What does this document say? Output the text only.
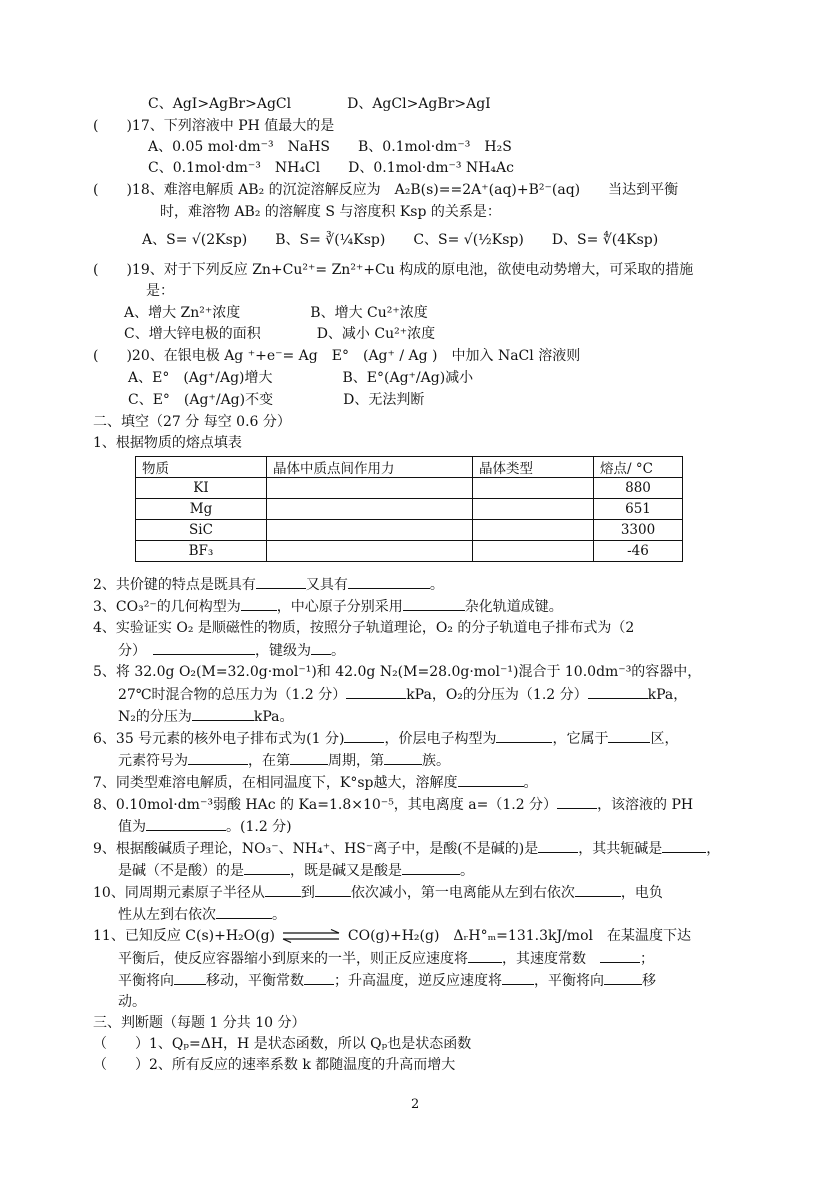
C、AgI>AgBr>AgCl　　　　D、AgCl>AgBr>AgI
(　　)17、下列溶液中 PH 值最大的是
A、0.05 mol·dm⁻³　NaHS　　B、0.1mol·dm⁻³　H₂S
C、0.1mol·dm⁻³　NH₄Cl　　D、0.1mol·dm⁻³ NH₄Ac
(　　)18、难溶电解质 AB₂ 的沉淀溶解反应为　A₂B(s)==2A⁺(aq)+B²⁻(aq)　　当达到平衡
时，难溶物 AB₂ 的溶解度 S 与溶度积 Ksp 的关系是：
A、S= √(2Ksp)　　B、S= ∛(¼Ksp)　　C、S= √(½Ksp)　　D、S= ∜(4Ksp)
(　　)19、对于下列反应 Zn+Cu²⁺= Zn²⁺+Cu 构成的原电池，欲使电动势增大，可采取的措施
是：
A、增大 Zn²⁺浓度　　　　　B、增大 Cu²⁺浓度
C、增大锌电极的面积　　　　D、减小 Cu²⁺浓度
(　　)20、在银电极 Ag ⁺+e⁻= Ag　E°　(Ag⁺ / Ag )　中加入 NaCl 溶液则
A、E°　(Ag⁺/Ag)增大　　　　　B、E°(Ag⁺/Ag)减小
C、E°　(Ag⁺/Ag)不变　　　　　D、无法判断
二、填空（27 分 每空 0.6 分）
1、根据物质的熔点填表
物质	晶体中质点间作用力	晶体类型	熔点/ °C
KI			880
Mg			651
SiC			3300
BF₃			-46
2、共价键的特点是既具有	又具有	。
3、CO₃²⁻的几何构型为	，中心原子分别采用	杂化轨道成键。
4、实验证实 O₂ 是顺磁性的物质，按照分子轨道理论，O₂ 的分子轨道电子排布式为（2
分）　	，键级为 。
5、将 32.0g O₂(M=32.0g·mol⁻¹)和 42.0g N₂(M=28.0g·mol⁻¹)混合于 10.0dm⁻³的容器中，
27℃时混合物的总压力为（1.2 分）	kPa，O₂的分压为（1.2 分）	kPa，
N₂的分压为	kPa。
6、35 号元素的核外电子排布式为(1 分)	，价层电子构型为	，它属于	区，
元素符号为	，在第	周期，第	族。
7、同类型难溶电解质，在相同温度下，K°sp越大，溶解度	。
8、0.10mol·dm⁻³弱酸 HAc 的 Ka=1.8×10⁻⁵，其电离度 a=（1.2 分）	，该溶液的 PH
值为	。(1.2 分)
9、根据酸碱质子理论，NO₃⁻、NH₄⁺、HS⁻离子中，是酸(不是碱的)是	，其共轭碱是	，
是碱（不是酸）的是	，既是碱又是酸是	。
10、同周期元素原子半径从	到	依次减小，第一电离能从左到右依次	，电负
性从左到右依次	。
11、已知反应 C(s)+H₂O(g)	CO(g)+H₂(g)　ΔᵣH°ₘ=131.3kJ/mol　在某温度下达
平衡后，使反应容器缩小到原来的一半，则正反应速度将 ，其速度常数　	；
平衡将向 移动，平衡常数 ；升高温度，逆反应速度将 ，平衡将向	移
动。
三、判断题（每题 1 分共 10 分）
（　　）1、Qₚ=ΔH，H 是状态函数，所以 Qₚ也是状态函数
（　　）2、所有反应的速率系数 k 都随温度的升高而增大
2
